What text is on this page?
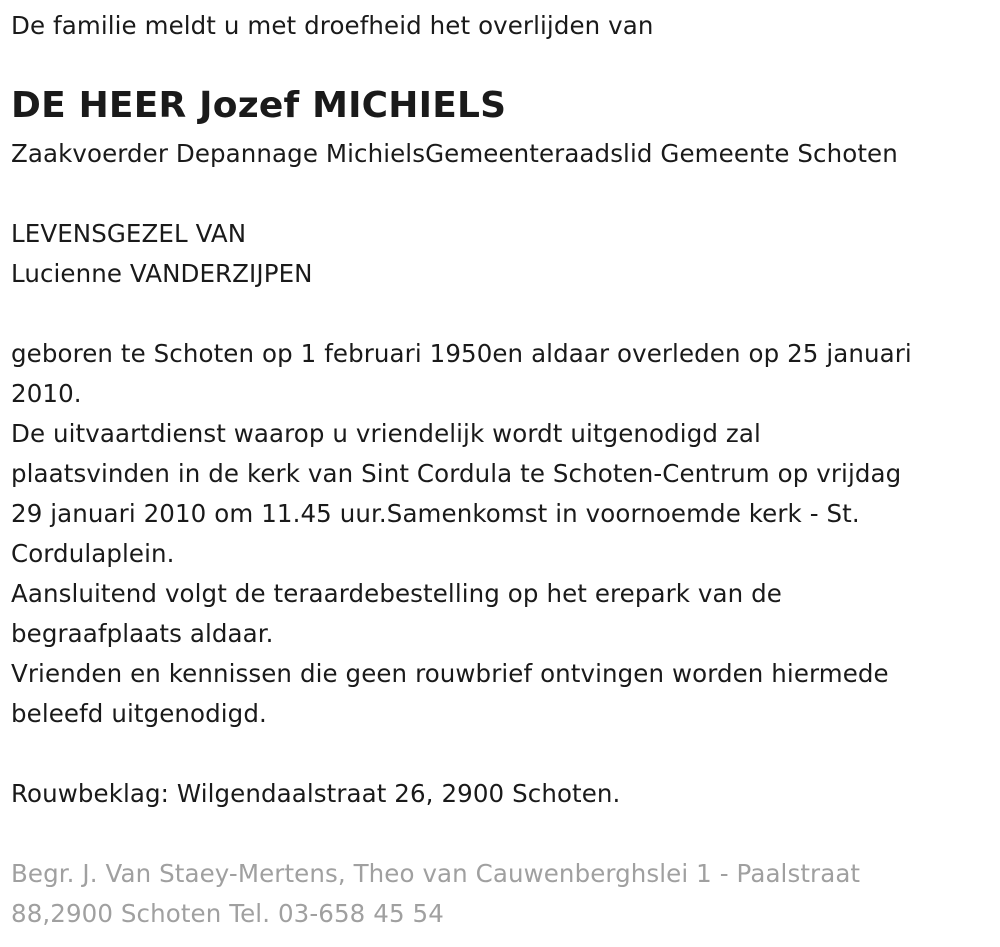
De familie meldt u met droefheid het overlijden van
DE HEER Jozef MICHIELS
Zaakvoerder Depannage MichielsGemeenteraadslid Gemeente Schoten
LEVENSGEZEL VAN
Lucienne VANDERZIJPEN
geboren te Schoten op 1 februari 1950en aldaar overleden op 25 januari
2010.
De uitvaartdienst waarop u vriendelijk wordt uitgenodigd zal
plaatsvinden in de kerk van Sint Cordula te Schoten-Centrum op vrijdag
29 januari 2010 om 11.45 uur.Samenkomst in voornoemde kerk - St.
Cordulaplein.
Aansluitend volgt de teraardebestelling op het erepark van de
begraafplaats aldaar.
Vrienden en kennissen die geen rouwbrief ontvingen worden hiermede
beleefd uitgenodigd.
Rouwbeklag: Wilgendaalstraat 26, 2900 Schoten.
Begr. J. Van Staey-Mertens, Theo van Cauwenberghslei 1 - Paalstraat
88,2900 Schoten Tel. 03-658 45 54
